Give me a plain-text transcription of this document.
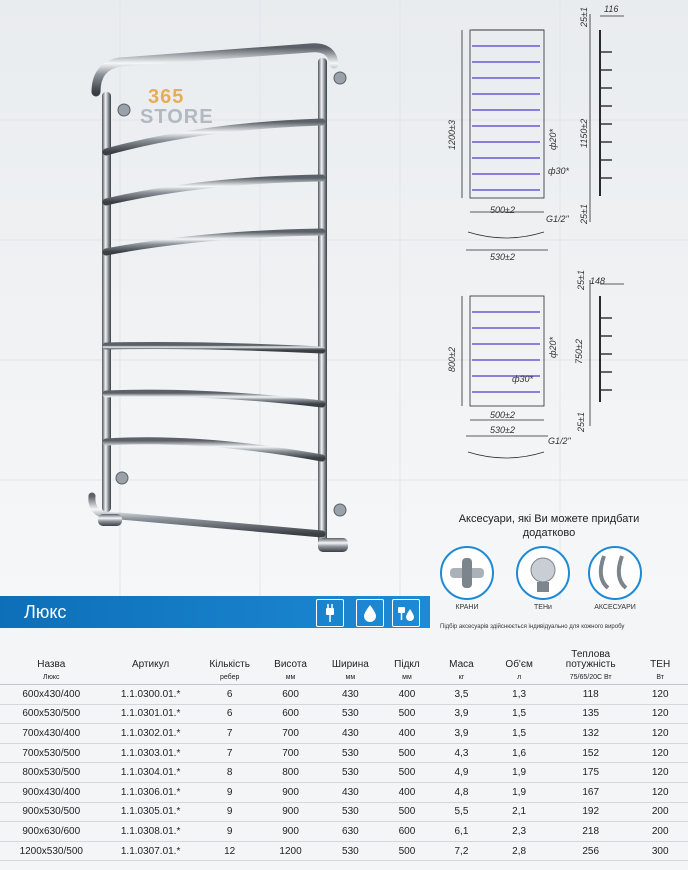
365
STORE
1200±3
25±1 116
1150±2
25±1
ф20*
ф30*
500±2
G1/2"
530±2
800±2
25±1 148
750±2
25±1
ф20*
ф30*
500±2
530±2
G1/2"
Аксесуари, які Ви можете придбати додатково
КРАНИ	ТЕНи	АКСЕСУАРИ
Підбір аксесуарів здійснюється індивідуально для кожного виробу
Люкс
Назва	Артикул	Кількість	Висота	Ширина	Підкл	Маса	Об'єм	Теплова потужність	ТЕН
Люкс		ребер	мм	мм	мм	кг	л	75/65/20С Вт	Вт
600x430/400	1.1.0300.01.*	6	600	430	400	3,5	1,3	118	120
600x530/500	1.1.0301.01.*	6	600	530	500	3,9	1,5	135	120
700x430/400	1.1.0302.01.*	7	700	430	400	3,9	1,5	132	120
700x530/500	1.1.0303.01.*	7	700	530	500	4,3	1,6	152	120
800x530/500	1.1.0304.01.*	8	800	530	500	4,9	1,9	175	120
900x430/400	1.1.0306.01.*	9	900	430	400	4,8	1,9	167	120
900x530/500	1.1.0305.01.*	9	900	530	500	5,5	2,1	192	200
900x630/600	1.1.0308.01.*	9	900	630	600	6,1	2,3	218	200
1200x530/500	1.1.0307.01.*	12	1200	530	500	7,2	2,8	256	300
